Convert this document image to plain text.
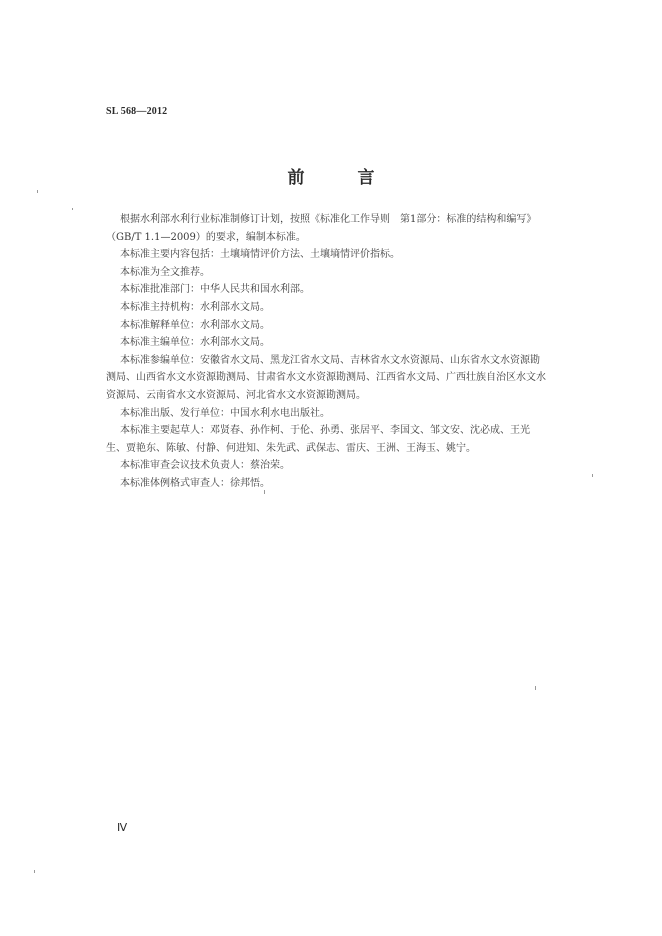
SL 568—2012
前　言

根据水利部水利行业标准制修订计划，按照《标准化工作导则　第1部分：标准的结构和编写》
（GB/T 1.1—2009）的要求，编制本标准。

本标准主要内容包括：土壤墒情评价方法、土壤墒情评价指标。

本标准为全文推荐。

本标准批准部门：中华人民共和国水利部。

本标准主持机构：水利部水文局。

本标准解释单位：水利部水文局。

本标准主编单位：水利部水文局。

本标准参编单位：安徽省水文局、黑龙江省水文局、吉林省水文水资源局、山东省水文水资源勘
测局、山西省水文水资源勘测局、甘肃省水文水资源勘测局、江西省水文局、广西壮族自治区水文水资源局、云南省水文水资源局、河北省水文水资源勘测局。

本标准出版、发行单位：中国水利水电出版社。

本标准主要起草人：邓贤春、孙作柯、于伦、孙勇、张居平、李国文、邹文安、沈必成、王光
生、贾艳东、陈敏、付静、何进知、朱先武、武保志、雷庆、王洲、王海玉、姚宁。

本标准审查会议技术负责人：蔡治荣。

本标准体例格式审查人：徐邦悟。

Ⅳ
